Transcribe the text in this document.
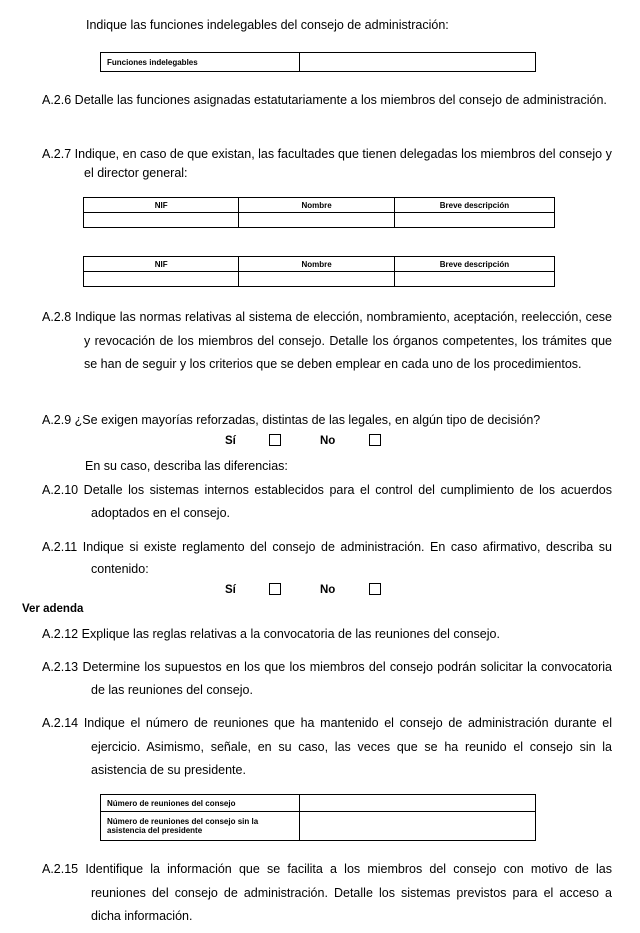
Indique las funciones indelegables del consejo de administración:
Funciones indelegables	
A.2.6 Detalle las funciones asignadas estatutariamente a los miembros del consejo de administración.
A.2.7 Indique, en caso de que existan, las facultades que tienen delegadas los miembros del consejo y el director general:
NIF	Nombre	Breve descripción

NIF	Nombre	Breve descripción

A.2.8 Indique las normas relativas al sistema de elección, nombramiento, aceptación, reelección, cese y revocación de los miembros del consejo. Detalle los órganos competentes, los trámites que se han de seguir y los criterios que se deben emplear en cada uno de los procedimientos.
A.2.9 ¿Se exigen mayorías reforzadas, distintas de las legales, en algún tipo de decisión?
Sí	No
En su caso, describa las diferencias:
A.2.10 Detalle los sistemas internos establecidos para el control del cumplimiento de los acuerdos adoptados en el consejo.
A.2.11 Indique si existe reglamento del consejo de administración. En caso afirmativo, describa su contenido:
Sí	No
Ver adenda
A.2.12 Explique las reglas relativas a la convocatoria de las reuniones del consejo.
A.2.13 Determine los supuestos en los que los miembros del consejo podrán solicitar la convocatoria de las reuniones del consejo.
A.2.14 Indique el número de reuniones que ha mantenido el consejo de administración durante el ejercicio. Asimismo, señale, en su caso, las veces que se ha reunido el consejo sin la asistencia de su presidente.
Número de reuniones del consejo	
Número de reuniones del consejo sin la asistencia del presidente	
A.2.15 Identifique la información que se facilita a los miembros del consejo con motivo de las reuniones del consejo de administración. Detalle los sistemas previstos para el acceso a dicha información.
